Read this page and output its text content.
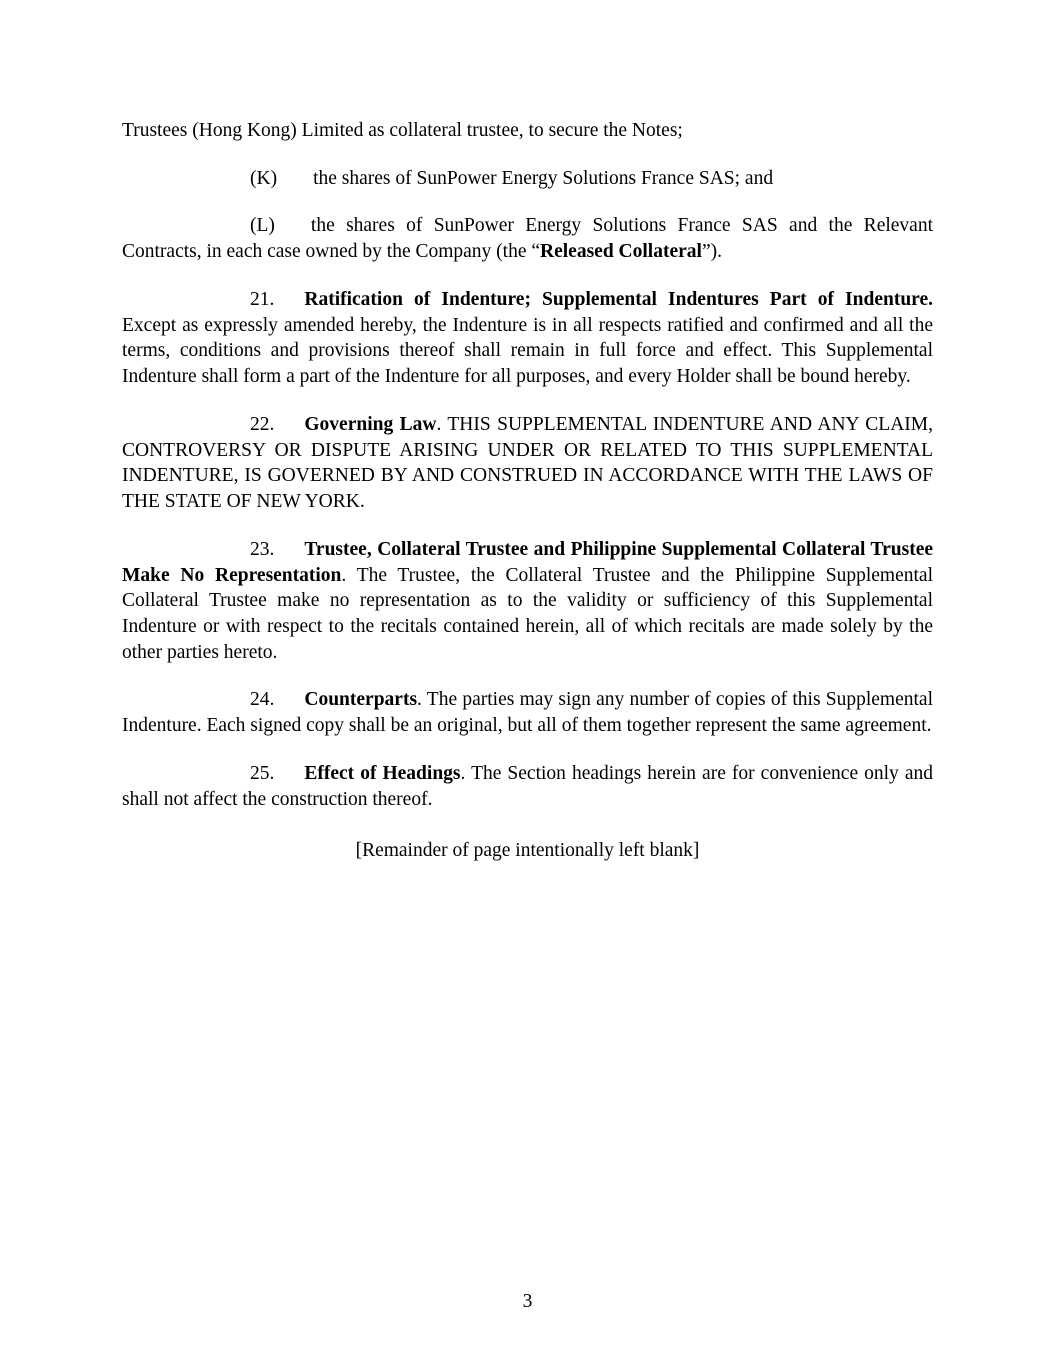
Trustees (Hong Kong) Limited as collateral trustee, to secure the Notes;

(K) the shares of SunPower Energy Solutions France SAS; and

(L) the shares of SunPower Energy Solutions France SAS and the Relevant Contracts, in each case owned by the Company (the “Released Collateral”).

21. Ratification of Indenture; Supplemental Indentures Part of Indenture. Except as expressly amended hereby, the Indenture is in all respects ratified and confirmed and all the terms, conditions and provisions thereof shall remain in full force and effect. This Supplemental Indenture shall form a part of the Indenture for all purposes, and every Holder shall be bound hereby.

22. Governing Law. THIS SUPPLEMENTAL INDENTURE AND ANY CLAIM, CONTROVERSY OR DISPUTE ARISING UNDER OR RELATED TO THIS SUPPLEMENTAL INDENTURE, IS GOVERNED BY AND CONSTRUED IN ACCORDANCE WITH THE LAWS OF THE STATE OF NEW YORK.

23. Trustee, Collateral Trustee and Philippine Supplemental Collateral Trustee Make No Representation. The Trustee, the Collateral Trustee and the Philippine Supplemental Collateral Trustee make no representation as to the validity or sufficiency of this Supplemental Indenture or with respect to the recitals contained herein, all of which recitals are made solely by the other parties hereto.

24. Counterparts. The parties may sign any number of copies of this Supplemental Indenture. Each signed copy shall be an original, but all of them together represent the same agreement.

25. Effect of Headings. The Section headings herein are for convenience only and shall not affect the construction thereof.

[Remainder of page intentionally left blank]
3
